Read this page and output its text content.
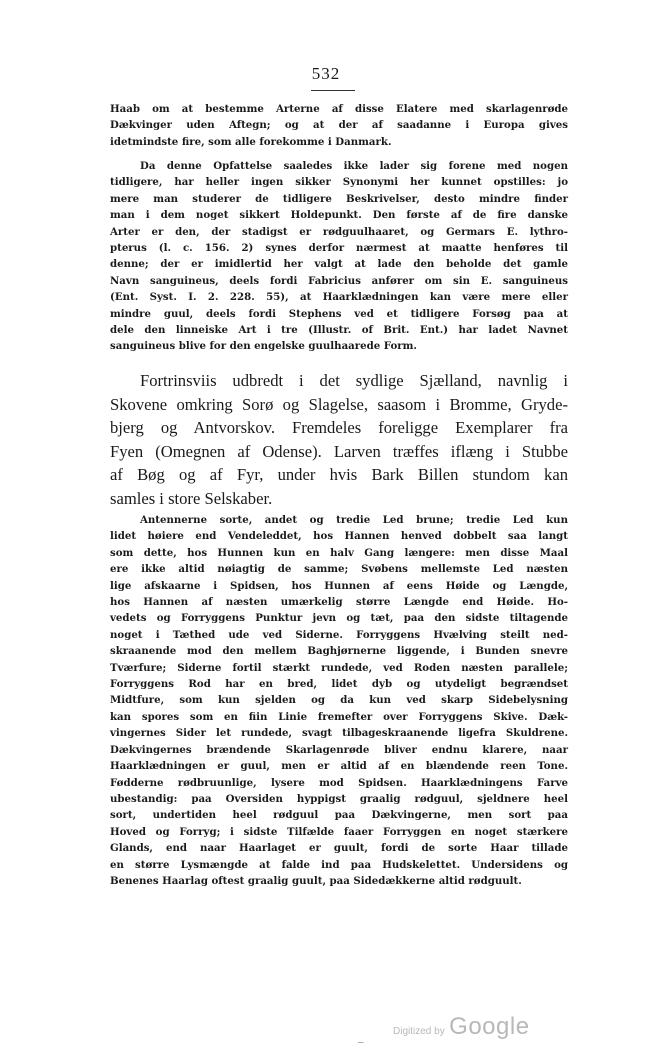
532
Haab om at bestemme Arterne af disse Elatere med skarlagenrøde
Dækvinger uden Aftegn; og at der af saadanne i Europa gives
idetmindste fire, som alle forekomme i Danmark.
Da denne Opfattelse saaledes ikke lader sig forene med nogen
tidligere, har heller ingen sikker Synonymi her kunnet opstilles: jo
mere man studerer de tidligere Beskrivelser, desto mindre finder
man i dem noget sikkert Holdepunkt. Den første af de fire danske
Arter er den, der stadigst er rødguulhaaret, og Germars E. lythro-
pterus (l. c. 156. 2) synes derfor nærmest at maatte henføres til
denne; der er imidlertid her valgt at lade den beholde det gamle
Navn sanguineus, deels fordi Fabricius anfører om sin E. sanguineus
(Ent. Syst. I. 2. 228. 55), at Haarklædningen kan være mere eller
mindre guul, deels fordi Stephens ved et tidligere Forsøg paa at
dele den linneiske Art i tre (Illustr. of Brit. Ent.) har ladet Navnet
sanguineus blive for den engelske guulhaarede Form.
Fortrinsviis udbredt i det sydlige Sjælland, navnlig i
Skovene omkring Sorø og Slagelse, saasom i Bromme, Gryde-
bjerg og Antvorskov. Fremdeles foreligge Exemplarer fra
Fyen (Omegnen af Odense). Larven træffes iflæng i Stubbe
af Bøg og af Fyr, under hvis Bark Billen stundom kan
samles i store Selskaber.
Antennerne sorte, andet og tredie Led brune; tredie Led kun
lidet høiere end Vendeleddet, hos Hannen henved dobbelt saa langt
som dette, hos Hunnen kun en halv Gang længere: men disse Maal
ere ikke altid nøiagtig de samme; Svøbens mellemste Led næsten
lige afskaarne i Spidsen, hos Hunnen af eens Høide og Længde,
hos Hannen af næsten umærkelig større Længde end Høide. Ho-
vedets og Forryggens Punktur jevn og tæt, paa den sidste tiltagende
noget i Tæthed ude ved Siderne. Forryggens Hvælving steilt ned-
skraanende mod den mellem Baghjørnerne liggende, i Bunden snevre
Tværfure; Siderne fortil stærkt rundede, ved Roden næsten parallele;
Forryggens Rod har en bred, lidet dyb og utydeligt begrændset
Midtfure, som kun sjelden og da kun ved skarp Sidebelysning
kan spores som en fiin Linie fremefter over Forryggens Skive. Dæk-
vingernes Sider let rundede, svagt tilbageskraanende ligefra Skuldrene.
Dækvingernes brændende Skarlagenrøde bliver endnu klarere, naar
Haarklædningen er guul, men er altid af en blændende reen Tone.
Fødderne rødbruunlige, lysere mod Spidsen. Haarklædningens Farve
ubestandig: paa Oversiden hyppigst graalig rødguul, sjeldnere heel
sort, undertiden heel rødguul paa Dækvingerne, men sort paa
Hoved og Forryg; i sidste Tilfælde faaer Forryggen en noget stærkere
Glands, end naar Haarlaget er guult, fordi de sorte Haar tillade
en større Lysmængde at falde ind paa Hudskelettet. Undersidens og
Benenes Haarlag oftest graalig guult, paa Sidedækkerne altid rødguult.
_	Digitized by Google
